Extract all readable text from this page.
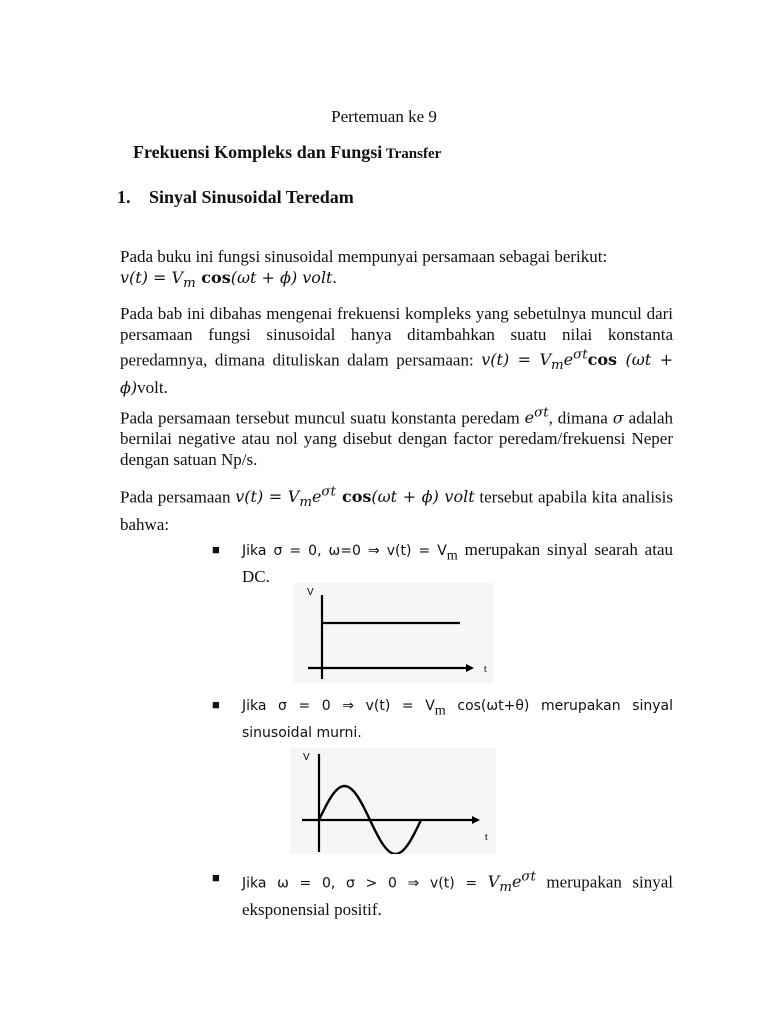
Pertemuan ke 9
Frekuensi Kompleks dan Fungsi Transfer
1. Sinyal Sinusoidal Teredam
Pada buku ini fungsi sinusoidal mempunyai persamaan sebagai berikut:
$v(t) = V_m$ cos(ωt + ϕ) volt.
Pada bab ini dibahas mengenai frekuensi kompleks yang sebetulnya muncul dari persamaan fungsi sinusoidal hanya ditambahkan suatu nilai konstanta peredamnya, dimana dituliskan dalam persamaan: $v(t) = V_me^{\sigma t}\cos$ (ωt + ϕ)volt.
Pada persamaan tersebut muncul suatu konstanta peredam $e^{\sigma t}$, dimana σ adalah bernilai negative atau nol yang disebut dengan factor peredam/frekuensi Neper dengan satuan Np/s.
Pada persamaan $v(t) = V_me^{\sigma t}$ cos(ωt + ϕ) volt tersebut apabila kita analisis bahwa:
■ Jika σ = 0, ω=0 ⇒ $v(t) = V_m$ merupakan sinyal searah atau DC.
V
t
■ Jika σ = 0 ⇒ $v(t) = V_m$ cos(ωt+θ) merupakan sinyal sinusoidal murni.
V
t
■ Jika ω = 0, σ > 0 ⇒ $v(t) = V_me^{\sigma t}$ merupakan sinyal eksponensial positif.
